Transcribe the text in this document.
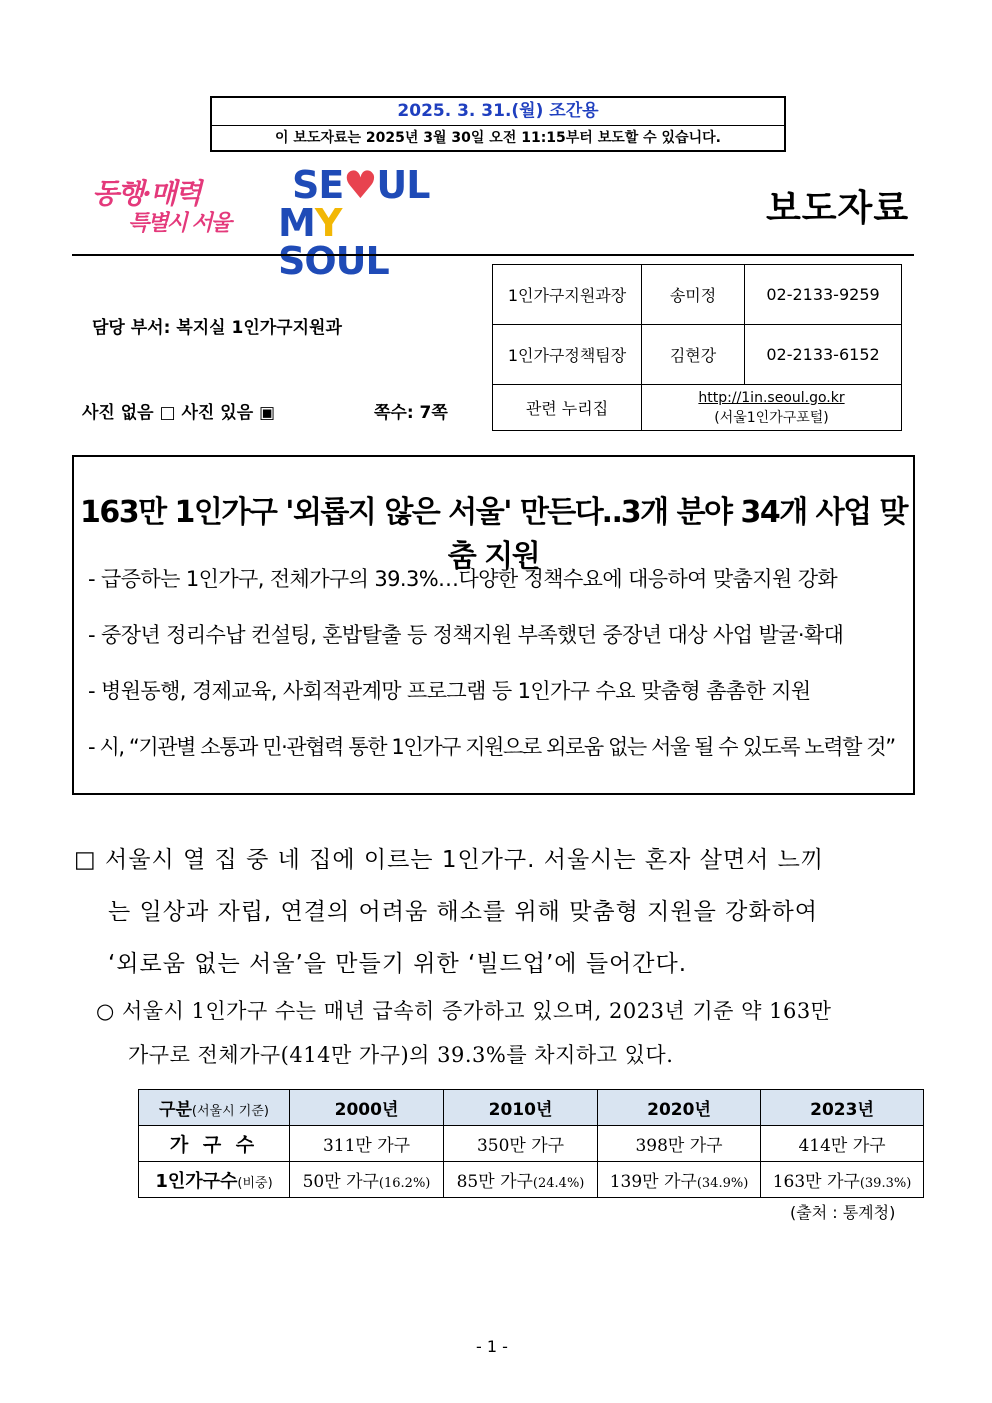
2025. 3. 31.(월) 조간용
이 보도자료는 2025년 3월 30일 오전 11:15부터 보도할 수 있습니다.
동행·매력
특별시 서울
SE♥UL
MY SOUL
보도자료
담당 부서: 복지실 1인가구지원과
사진 없음 □ 사진 있음 ▣	쪽수: 7쪽
1인가구지원과장	송미정	02-2133-9259
1인가구정책팀장	김현강	02-2133-6152
관련 누리집	http://1in.seoul.go.kr
(서울1인가구포털)	
163만 1인가구 '외롭지 않은 서울' 만든다‥3개 분야 34개 사업 맞춤 지원
- 급증하는 1인가구, 전체가구의 39.3%…다양한 정책수요에 대응하여 맞춤지원 강화
- 중장년 정리수납 컨설팅, 혼밥탈출 등 정책지원 부족했던 중장년 대상 사업 발굴·확대
- 병원동행, 경제교육, 사회적관계망 프로그램 등 1인가구 수요 맞춤형 촘촘한 지원
- 시, “기관별 소통과 민·관협력 통한 1인가구 지원으로 외로움 없는 서울 될 수 있도록 노력할 것”
□ 서울시 열 집 중 네 집에 이르는 1인가구. 서울시는 혼자 살면서 느끼
는 일상과 자립, 연결의 어려움 해소를 위해 맞춤형 지원을 강화하여
‘외로움 없는 서울’을 만들기 위한 ‘빌드업’에 들어간다.
○ 서울시 1인가구 수는 매년 급속히 증가하고 있으며, 2023년 기준 약 163만
가구로 전체가구(414만 가구)의 39.3%를 차지하고 있다.
구분(서울시 기준)	2000년	2010년	2020년	2023년
가 구 수	311만 가구	350만 가구	398만 가구	414만 가구
1인가구수(비중)	50만 가구(16.2%)	85만 가구(24.4%)	139만 가구(34.9%)	163만 가구(39.3%)
(출처 : 통계청)
- 1 -
